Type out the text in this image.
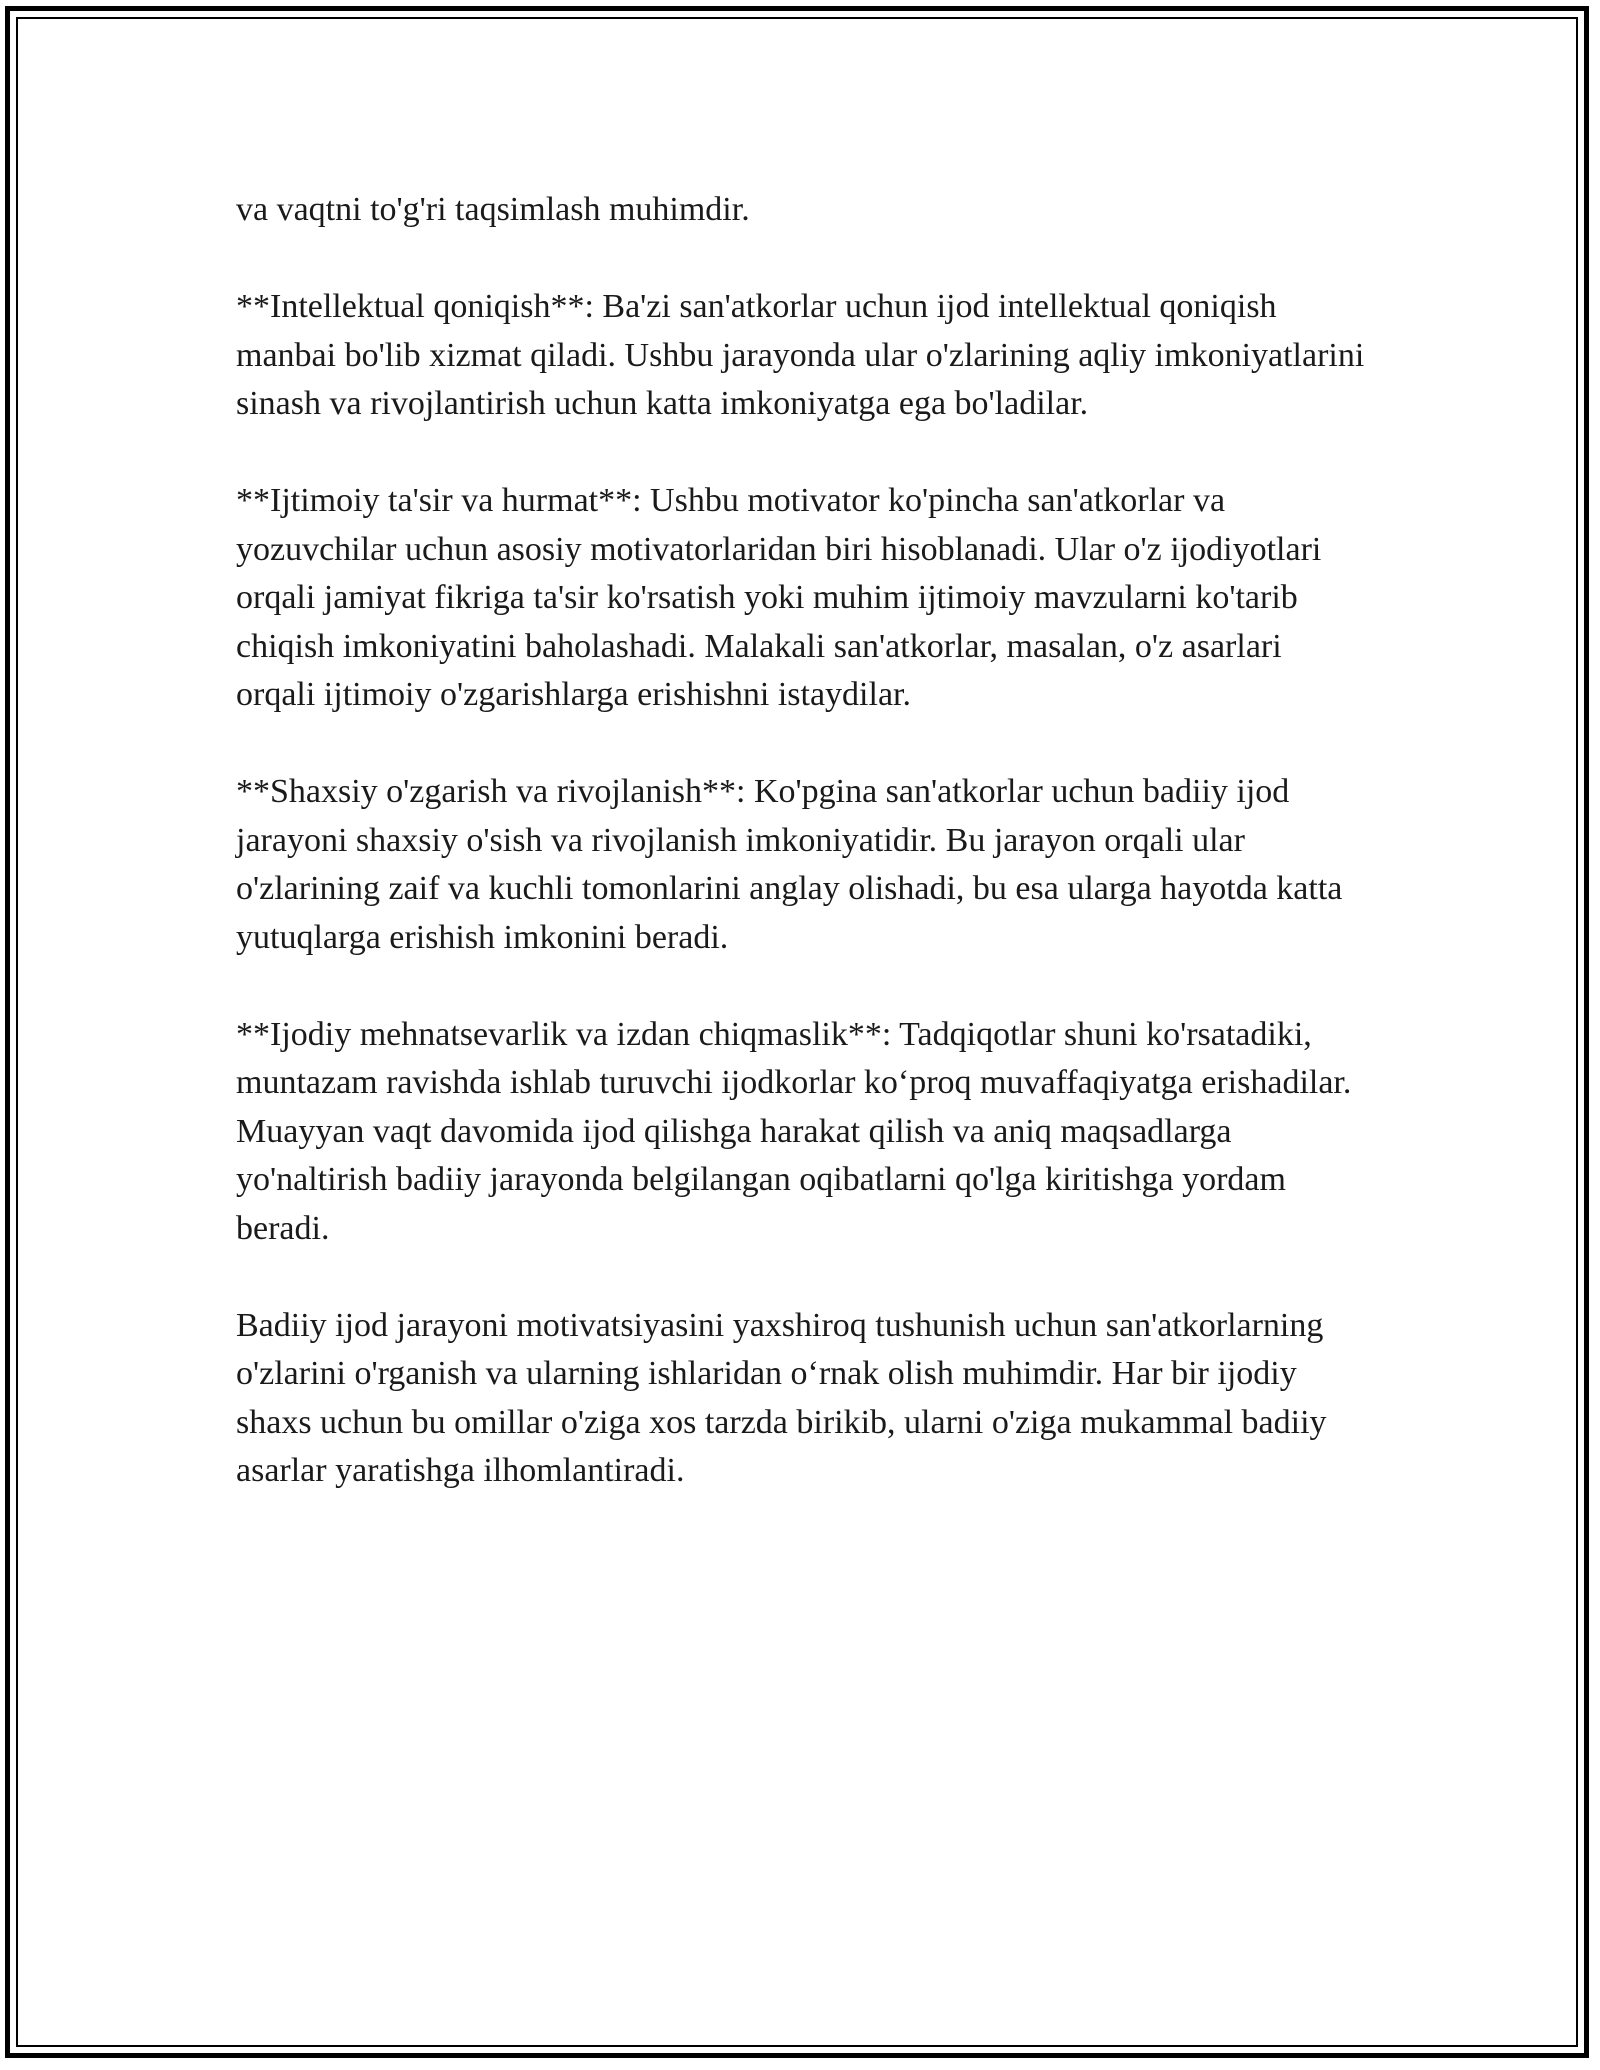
va vaqtni to'g'ri taqsimlash muhimdir.

**Intellektual qoniqish**: Ba'zi san'atkorlar uchun ijod intellektual qoniqish manbai bo'lib xizmat qiladi. Ushbu jarayonda ular o'zlarining aqliy imkoniyatlarini sinash va rivojlantirish uchun katta imkoniyatga ega bo'ladilar.

**Ijtimoiy ta'sir va hurmat**: Ushbu motivator ko'pincha san'atkorlar va yozuvchilar uchun asosiy motivatorlaridan biri hisoblanadi. Ular o'z ijodiyotlari orqali jamiyat fikriga ta'sir ko'rsatish yoki muhim ijtimoiy mavzularni ko'tarib chiqish imkoniyatini baholashadi. Malakali san'atkorlar, masalan, o'z asarlari orqali ijtimoiy o'zgarishlarga erishishni istaydilar.

**Shaxsiy o'zgarish va rivojlanish**: Ko'pgina san'atkorlar uchun badiiy ijod jarayoni shaxsiy o'sish va rivojlanish imkoniyatidir. Bu jarayon orqali ular o'zlarining zaif va kuchli tomonlarini anglay olishadi, bu esa ularga hayotda katta yutuqlarga erishish imkonini beradi.

**Ijodiy mehnatsevarlik va izdan chiqmaslik**: Tadqiqotlar shuni ko'rsatadiki, muntazam ravishda ishlab turuvchi ijodkorlar ko‘proq muvaffaqiyatga erishadilar. Muayyan vaqt davomida ijod qilishga harakat qilish va aniq maqsadlarga yo'naltirish badiiy jarayonda belgilangan oqibatlarni qo'lga kiritishga yordam beradi.

Badiiy ijod jarayoni motivatsiyasini yaxshiroq tushunish uchun san'atkorlarning o'zlarini o'rganish va ularning ishlaridan o‘rnak olish muhimdir. Har bir ijodiy shaxs uchun bu omillar o'ziga xos tarzda birikib, ularni o'ziga mukammal badiiy asarlar yaratishga ilhomlantiradi.
